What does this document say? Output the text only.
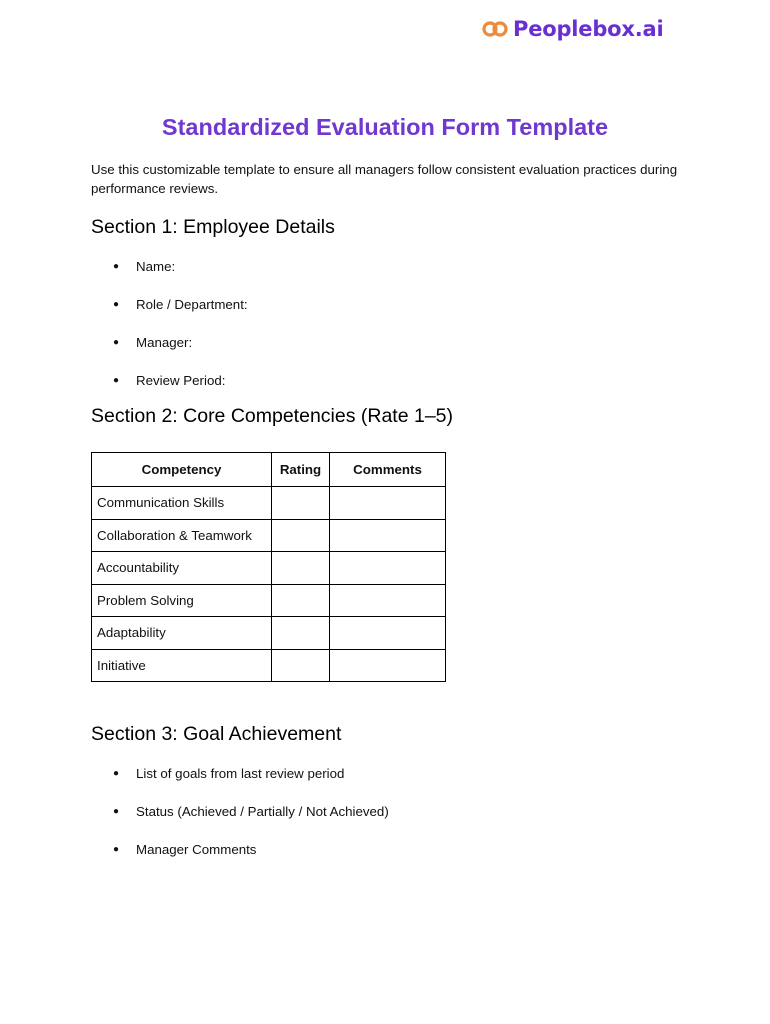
Peoplebox.ai
Standardized Evaluation Form Template

Use this customizable template to ensure all managers follow consistent evaluation practices during performance reviews.

Section 1: Employee Details
● Name:
● Role / Department:
● Manager:
● Review Period:
Section 2: Core Competencies (Rate 1–5)
Competency	Rating	Comments
Communication Skills		
Collaboration & Teamwork		
Accountability		
Problem Solving		
Adaptability		
Initiative		
Section 3: Goal Achievement
● List of goals from last review period
● Status (Achieved / Partially / Not Achieved)
● Manager Comments
